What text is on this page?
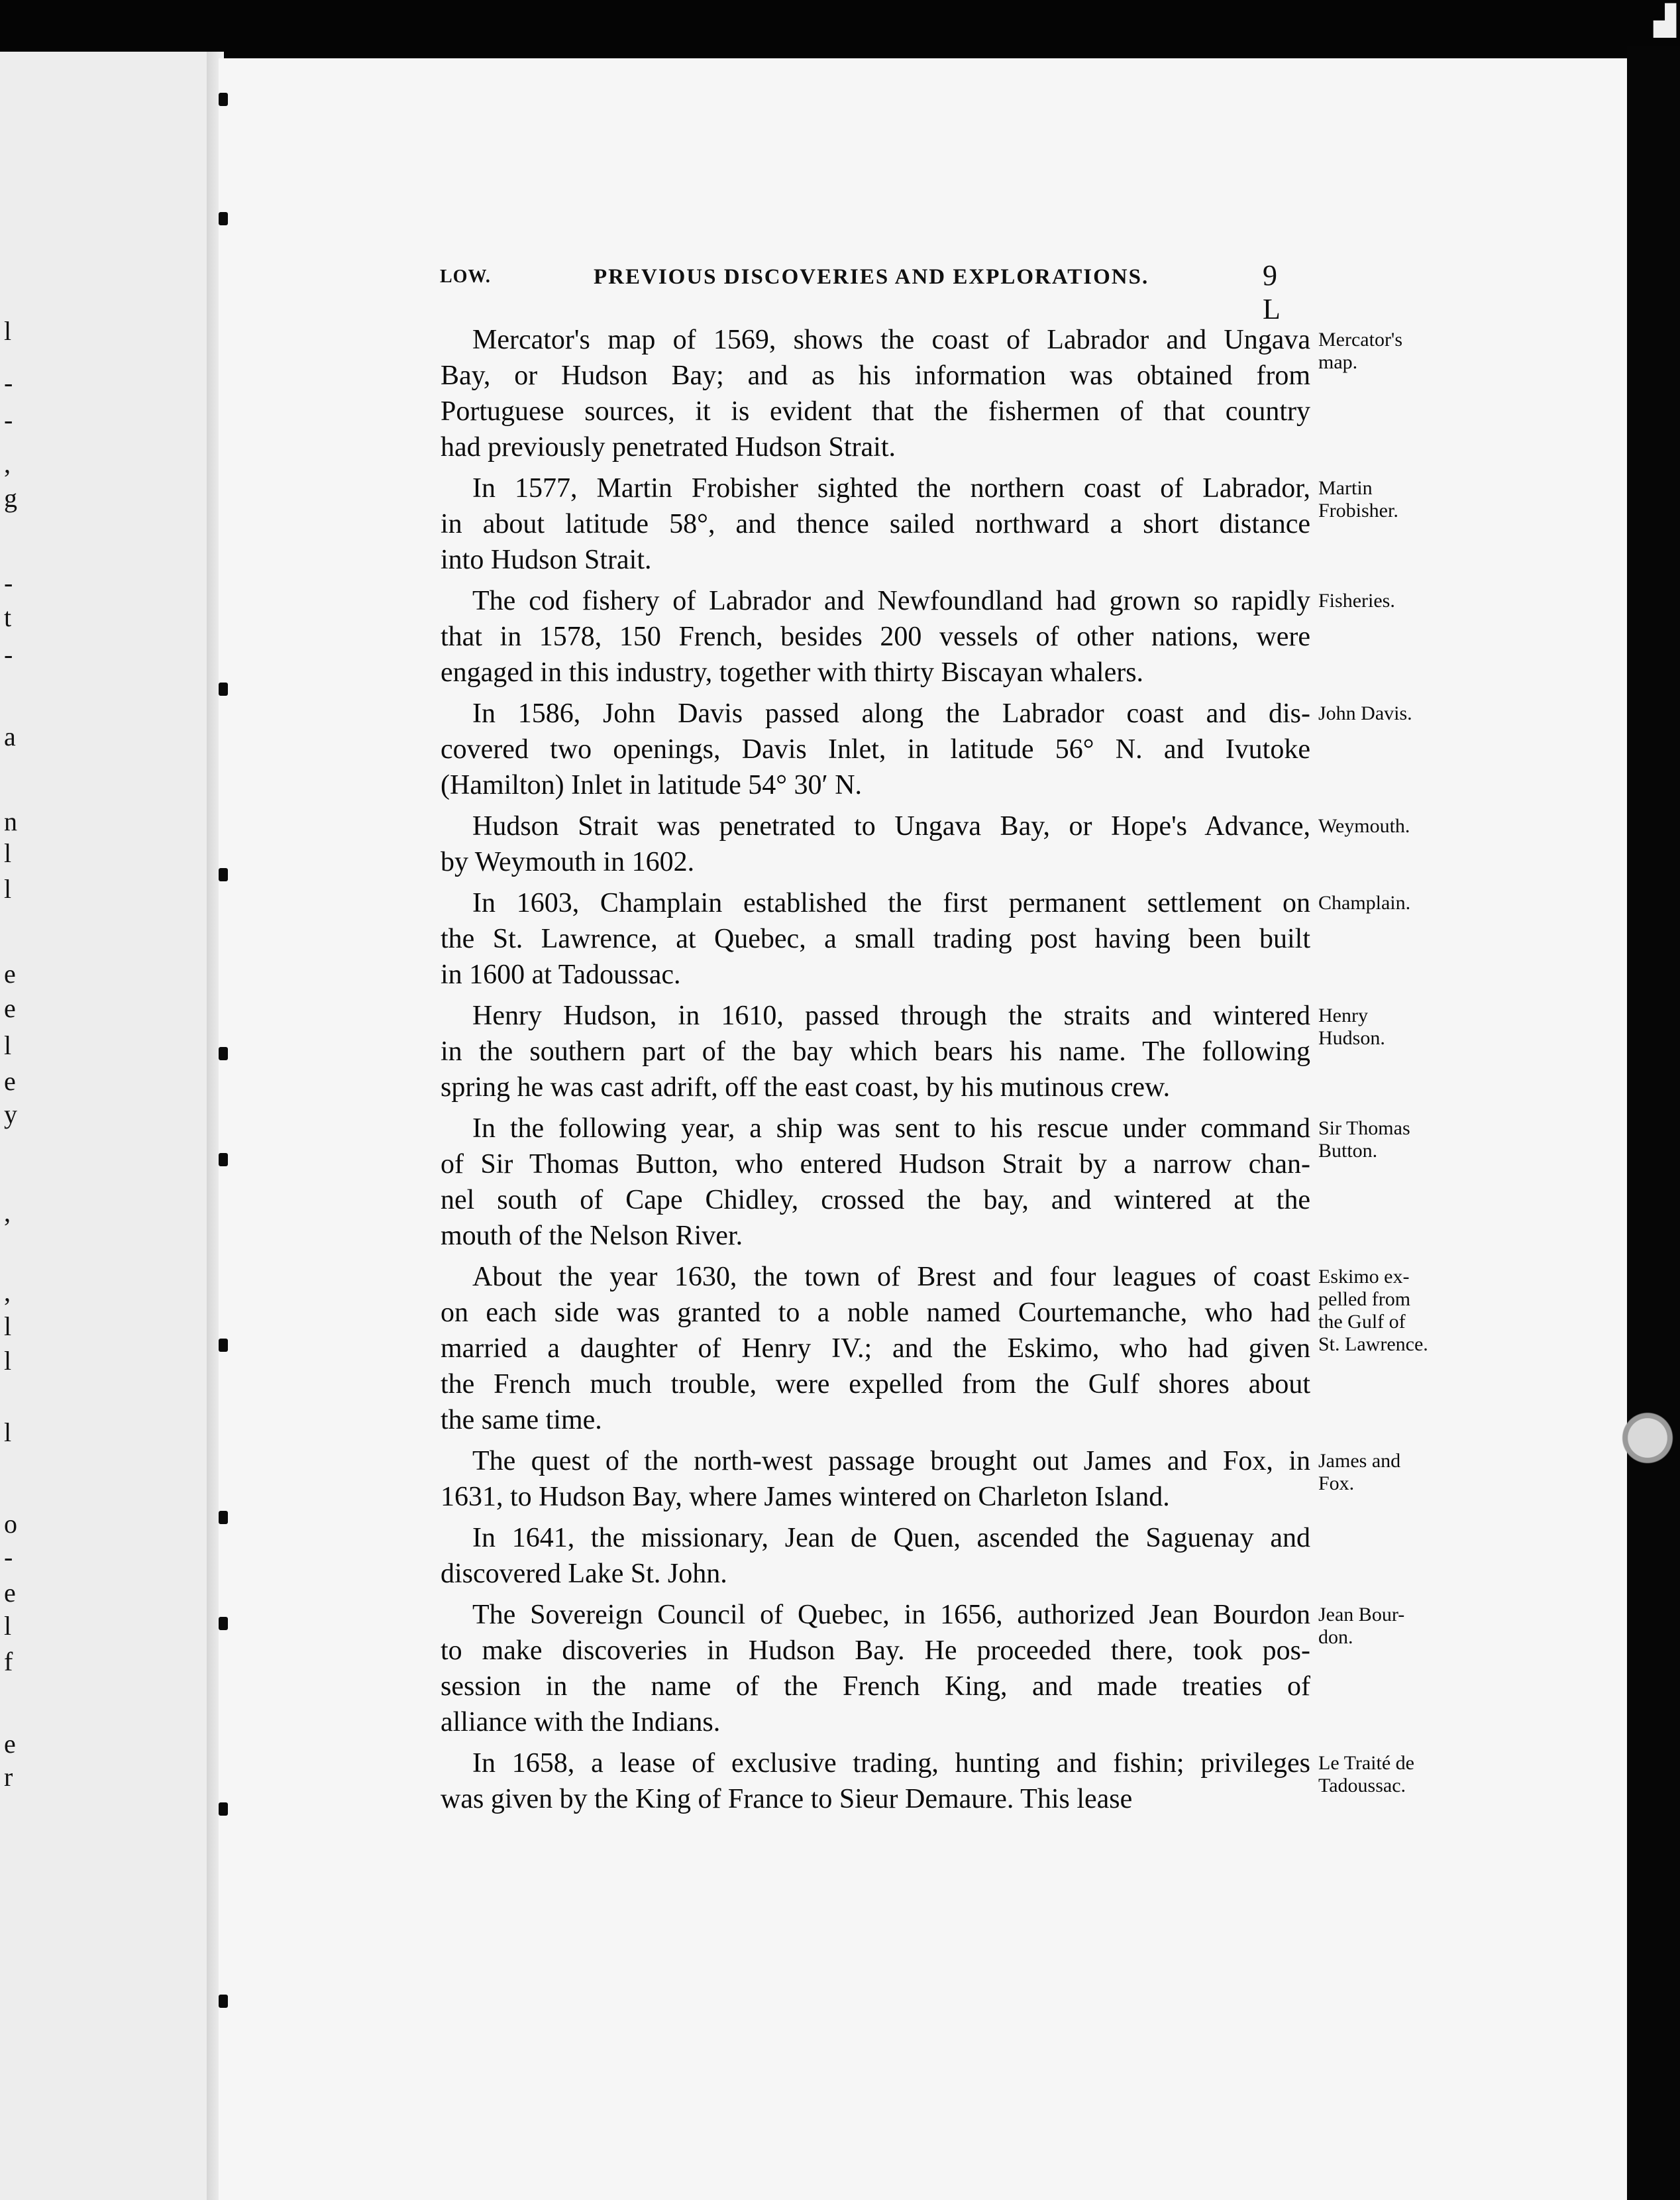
▟
l
-
-
,
g
-
t
-
a
n
l
l
e
e
l
e
y
,
,
l
l
l
o
-
e
l
f
e
r
LOW.	PREVIOUS DISCOVERIES AND EXPLORATIONS.	9 L
Mercator's map of 1569, shows the coast of Labrador and Ungava
Bay, or Hudson Bay; and as his information was obtained from
Portuguese sources, it is evident that the fishermen of that country
had previously penetrated Hudson Strait.
Mercator's
map.
In 1577, Martin Frobisher sighted the northern coast of Labrador,
in about latitude 58°, and thence sailed northward a short distance
into Hudson Strait.
Martin
Frobisher.
The cod fishery of Labrador and Newfoundland had grown so rapidly
that in 1578, 150 French, besides 200 vessels of other nations, were
engaged in this industry, together with thirty Biscayan whalers.
Fisheries.
In 1586, John Davis passed along the Labrador coast and dis-
covered two openings, Davis Inlet, in latitude 56° N. and Ivutoke
(Hamilton) Inlet in latitude 54° 30′ N.
John Davis.
Hudson Strait was penetrated to Ungava Bay, or Hope's Advance,
by Weymouth in 1602.
Weymouth.
In 1603, Champlain established the first permanent settlement on
the St. Lawrence, at Quebec, a small trading post having been built
in 1600 at Tadoussac.
Champlain.
Henry Hudson, in 1610, passed through the straits and wintered
in the southern part of the bay which bears his name. The following
spring he was cast adrift, off the east coast, by his mutinous crew.
Henry
Hudson.
In the following year, a ship was sent to his rescue under command
of Sir Thomas Button, who entered Hudson Strait by a narrow chan-
nel south of Cape Chidley, crossed the bay, and wintered at the
mouth of the Nelson River.
Sir Thomas
Button.
About the year 1630, the town of Brest and four leagues of coast
on each side was granted to a noble named Courtemanche, who had
married a daughter of Henry IV.; and the Eskimo, who had given
the French much trouble, were expelled from the Gulf shores about
the same time.
Eskimo ex-
pelled from
the Gulf of
St. Lawrence.
The quest of the north-west passage brought out James and Fox, in
1631, to Hudson Bay, where James wintered on Charleton Island.
James and
Fox.
In 1641, the missionary, Jean de Quen, ascended the Saguenay and
discovered Lake St. John.
The Sovereign Council of Quebec, in 1656, authorized Jean Bourdon
to make discoveries in Hudson Bay. He proceeded there, took pos-
session in the name of the French King, and made treaties of
alliance with the Indians.
Jean Bour-
don.
In 1658, a lease of exclusive trading, hunting and fishin; privileges
was given by the King of France to Sieur Demaure. This lease
Le Traité de
Tadoussac.
